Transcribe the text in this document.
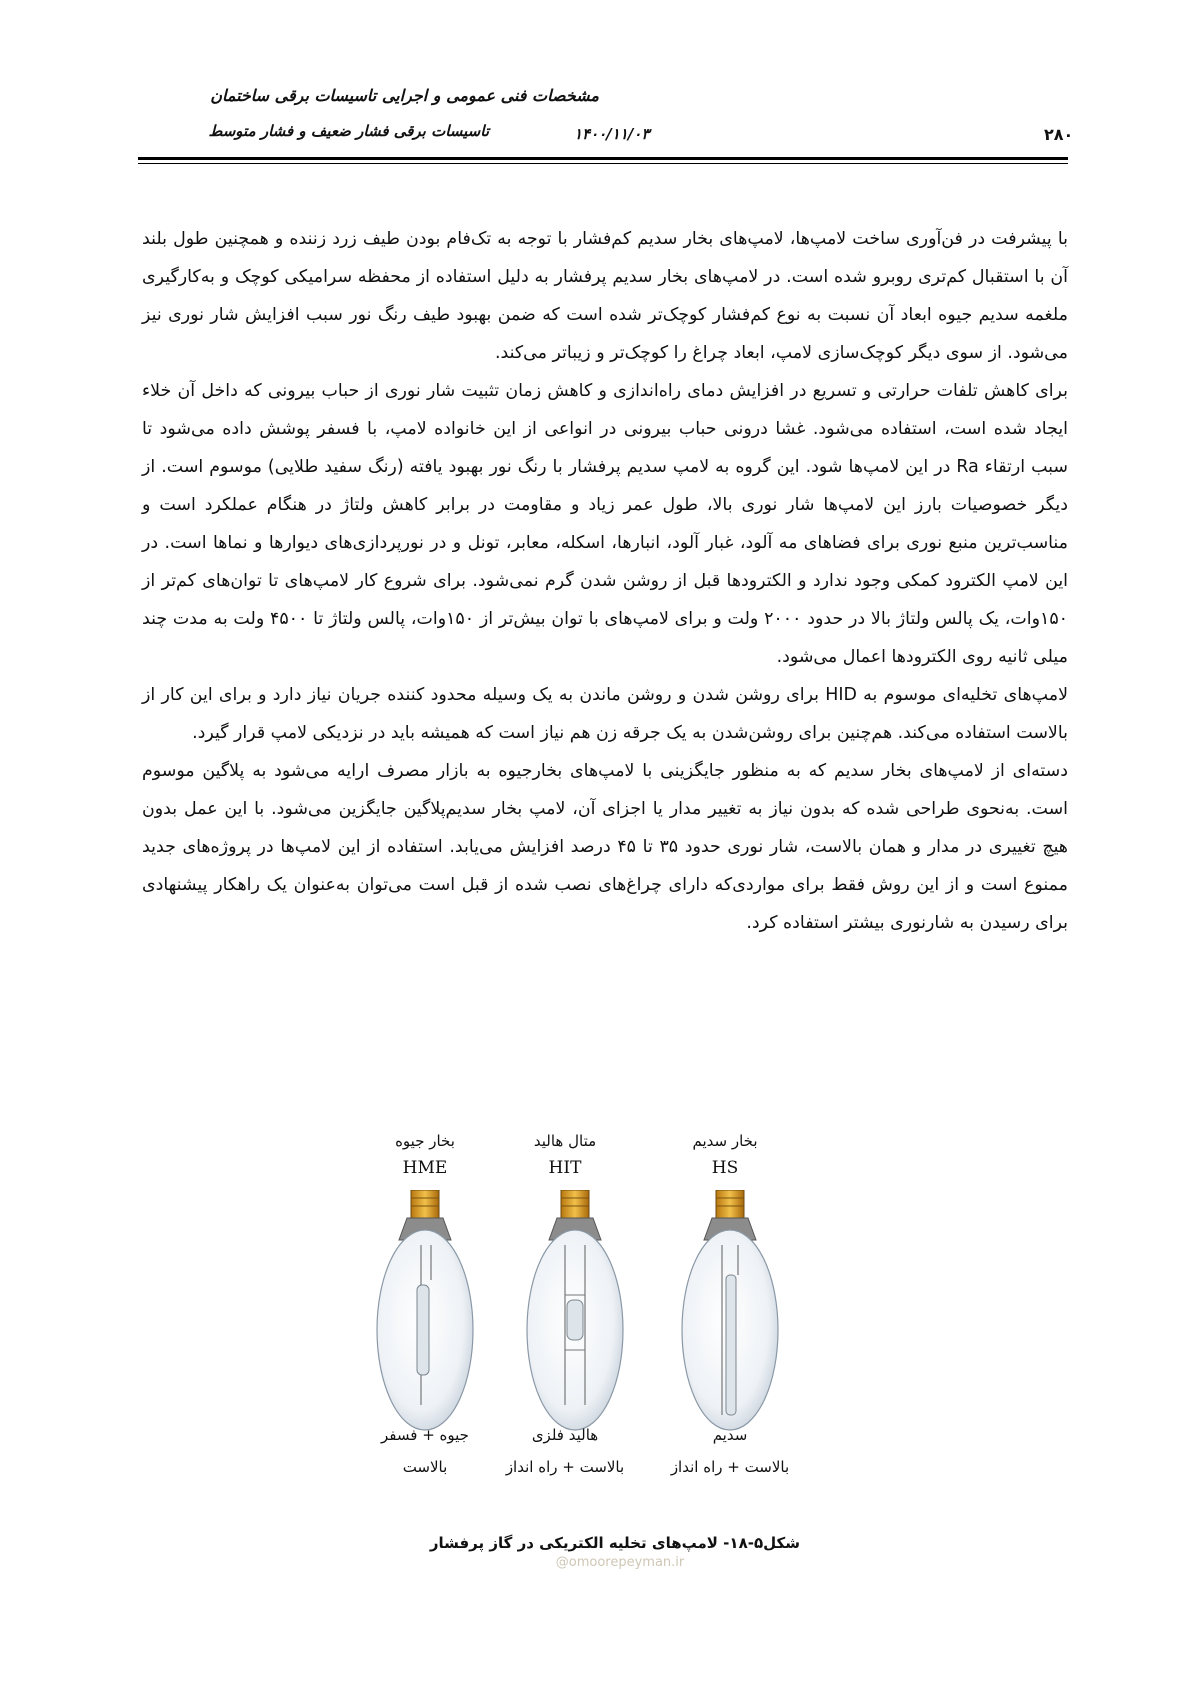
مشخصات فنی عمومی و اجرایی تاسیسات برقی ساختمان
تاسیسات برقی فشار ضعیف و فشار متوسط	۱۴۰۰/۱۱/۰۳	۲۸۰

با پیشرفت در فن‌آوری ساخت لامپ‌ها، لامپ‌های بخار سدیم کم‌فشار با توجه به تک‌فام بودن طیف زرد زننده و همچنین طول بلند آن با استقبال کم‌تری روبرو شده است. در لامپ‌های بخار سدیم پرفشار به دلیل استفاده از محفظه سرامیکی کوچک و به‌کارگیری ملغمه سدیم جیوه ابعاد آن نسبت به نوع کم‌فشار کوچک‌تر شده است که ضمن بهبود طیف رنگ نور سبب افزایش شار نوری نیز می‌شود. از سوی دیگر کوچک‌سازی لامپ، ابعاد چراغ را کوچک‌تر و زیباتر می‌کند.

برای کاهش تلفات حرارتی و تسریع در افزایش دمای راه‌اندازی و کاهش زمان تثبیت شار نوری از حباب بیرونی که داخل آن خلاء ایجاد شده است، استفاده می‌شود. غشا درونی حباب بیرونی در انواعی از این خانواده لامپ، با فسفر پوشش داده می‌شود تا سبب ارتقاء Ra در این لامپ‌ها شود. این گروه به لامپ سدیم پرفشار با رنگ نور بهبود یافته (رنگ سفید طلایی) موسوم است. از دیگر خصوصیات بارز این لامپ‌ها شار نوری بالا، طول عمر زیاد و مقاومت در برابر کاهش ولتاژ در هنگام عملکرد است و مناسب‌ترین منبع نوری برای فضاهای مه آلود، غبار آلود، انبارها، اسکله، معابر، تونل و در نورپردازی‌های دیوارها و نماها است. در این لامپ الکترود کمکی وجود ندارد و الکترودها قبل از روشن شدن گرم نمی‌شود. برای شروع کار لامپ‌های تا توان‌های کم‌تر از ۱۵۰وات، یک پالس ولتاژ بالا در حدود ۲۰۰۰ ولت و برای لامپ‌های با توان بیش‌تر از ۱۵۰وات، پالس ولتاژ تا ۴۵۰۰ ولت به مدت چند میلی ثانیه روی الکترودها اعمال می‌شود.

لامپ‌های تخلیه‌ای موسوم به HID برای روشن شدن و روشن ماندن به یک وسیله محدود کننده جریان نیاز دارد و برای این کار از بالاست استفاده می‌کند. هم‌چنین برای روشن‌شدن به یک جرقه زن هم نیاز است که همیشه باید در نزدیکی لامپ قرار گیرد.

دسته‌ای از لامپ‌های بخار سدیم که به منظور جایگزینی با لامپ‌های بخارجیوه به بازار مصرف ارایه می‌شود به پلاگین موسوم است. به‌نحوی طراحی شده که بدون نیاز به تغییر مدار یا اجزای آن، لامپ بخار سدیم‌پلاگین جایگزین می‌شود. با این عمل بدون هیچ تغییری در مدار و همان بالاست، شار نوری حدود ۳۵ تا ۴۵ درصد افزایش می‌یابد. استفاده از این لامپ‌ها در پروژه‌های جدید ممنوع است و از این روش فقط برای مواردی‌که دارای چراغ‌های نصب شده از قبل است می‌توان به‌عنوان یک راهکار پیشنهادی برای رسیدن به شارنوری بیشتر استفاده کرد.

بخار جیوه
HME
متال هالید
HIT
بخار سدیم
HS
جیوه + فسفر
بالاست
هالید فلزی
بالاست + راه انداز
سدیم
بالاست + راه انداز
شکل۵-۱۸- لامپ‌های تخلیه الکتریکی در گاز پرفشار
@omoorepeyman.ir
